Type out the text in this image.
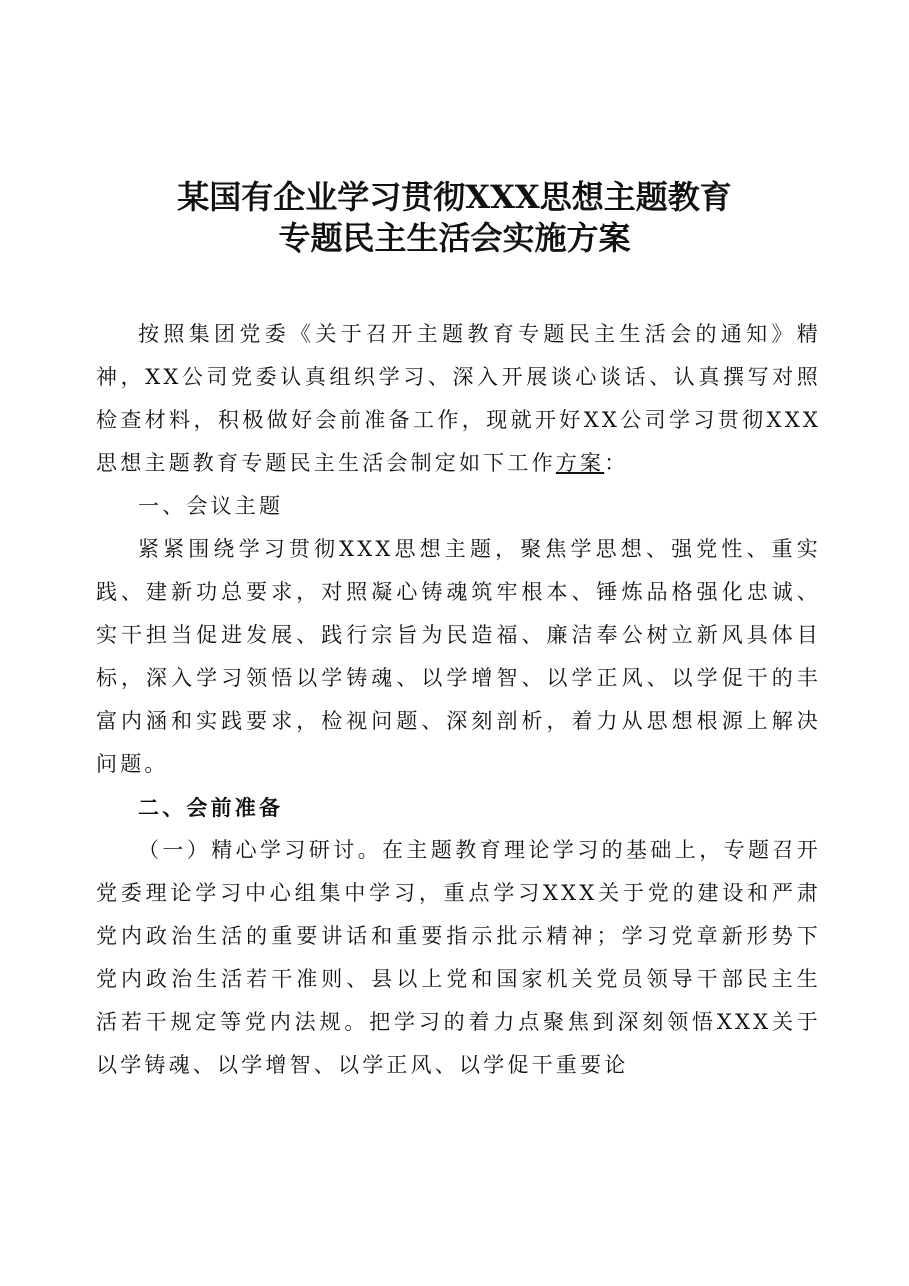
某国有企业学习贯彻XXX思想主题教育
专题民主生活会实施方案

按照集团党委《关于召开主题教育专题民主生活会的通知》精神，XX公司党委认真组织学习、深入开展谈心谈话、认真撰写对照检查材料，积极做好会前准备工作，现就开好XX公司学习贯彻XXX思想主题教育专题民主生活会制定如下工作方案：

一、会议主题

紧紧围绕学习贯彻XXX思想主题，聚焦学思想、强党性、重实践、建新功总要求，对照凝心铸魂筑牢根本、锤炼品格强化忠诚、实干担当促进发展、践行宗旨为民造福、廉洁奉公树立新风具体目标，深入学习领悟以学铸魂、以学增智、以学正风、以学促干的丰富内涵和实践要求，检视问题、深刻剖析，着力从思想根源上解决问题。

二、会前准备

（一）精心学习研讨。在主题教育理论学习的基础上，专题召开党委理论学习中心组集中学习，重点学习XXX关于党的建设和严肃党内政治生活的重要讲话和重要指示批示精神；学习党章新形势下党内政治生活若干准则、县以上党和国家机关党员领导干部民主生活若干规定等党内法规。把学习的着力点聚焦到深刻领悟XXX关于以学铸魂、以学增智、以学正风、以学促干重要论
